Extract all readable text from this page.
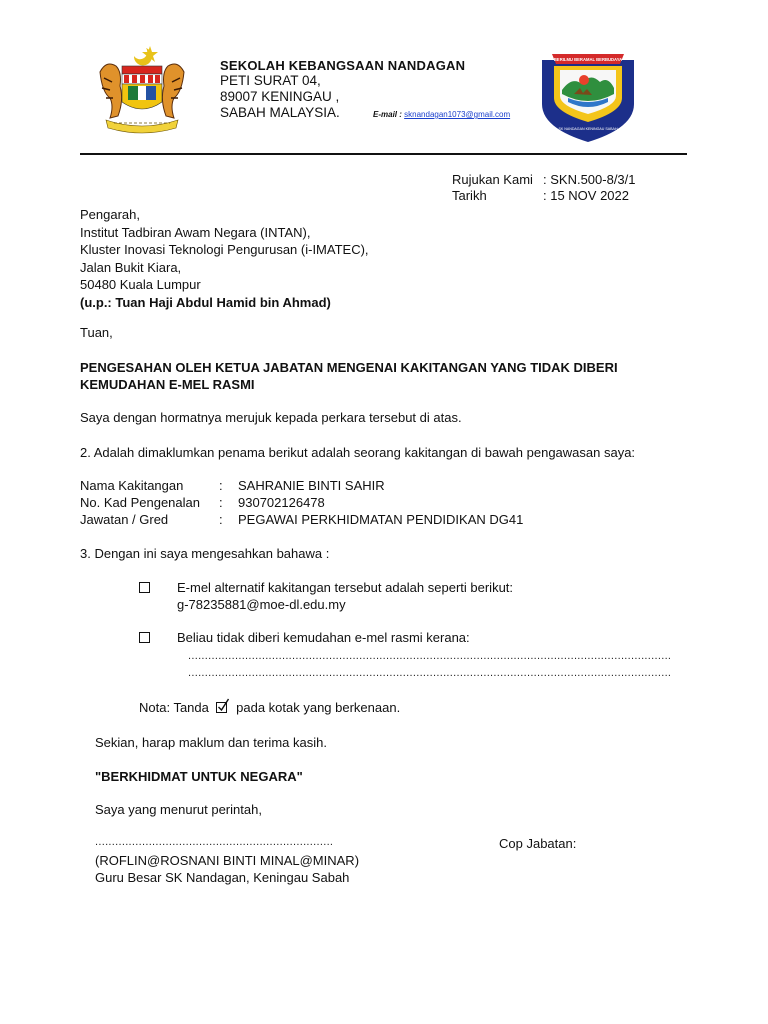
SEKOLAH KEBANGSAAN NANDAGAN
PETI SURAT 04,
89007 KENINGAU ,
SABAH MALAYSIA.	E-mail : sknandagan1073@gmail.com
BERILMU BERAMAL BERBUDAYA
SK NANDAGAN KENINGAU SABAH
Rujukan Kami : SKN.500-8/3/1
Tarikh	: 15 NOV 2022
Pengarah,
Institut Tadbiran Awam Negara (INTAN),
Kluster Inovasi Teknologi Pengurusan (i-IMATEC),
Jalan Bukit Kiara,
50480 Kuala Lumpur
(u.p.: Tuan Haji Abdul Hamid bin Ahmad)
Tuan,
PENGESAHAN OLEH KETUA JABATAN MENGENAI KAKITANGAN YANG TIDAK DIBERI
KEMUDAHAN E-MEL RASMI
Saya dengan hormatnya merujuk kepada perkara tersebut di atas.
2. Adalah dimaklumkan penama berikut adalah seorang kakitangan di bawah pengawasan saya:
Nama Kakitangan	: SAHRANIE BINTI SAHIR
No. Kad Pengenalan : 930702126478
Jawatan / Gred	: PEGAWAI PERKHIDMATAN PENDIDIKAN DG41
3. Dengan ini saya mengesahkan bahawa :
E-mel alternatif kakitangan tersebut adalah seperti berikut:
g-78235881@moe-dl.edu.my
Beliau tidak diberi kemudahan e-mel rasmi kerana:
................................................................................................................................................
................................................................................................................................................
Nota: Tanda pada kotak yang berkenaan.
Sekian, harap maklum dan terima kasih.
"BERKHIDMAT UNTUK NEGARA"
Saya yang menurut perintah,
.......................................................................
(ROFLIN@ROSNANI BINTI MINAL@MINAR)
Guru Besar SK Nandagan, Keningau Sabah
Cop Jabatan:
